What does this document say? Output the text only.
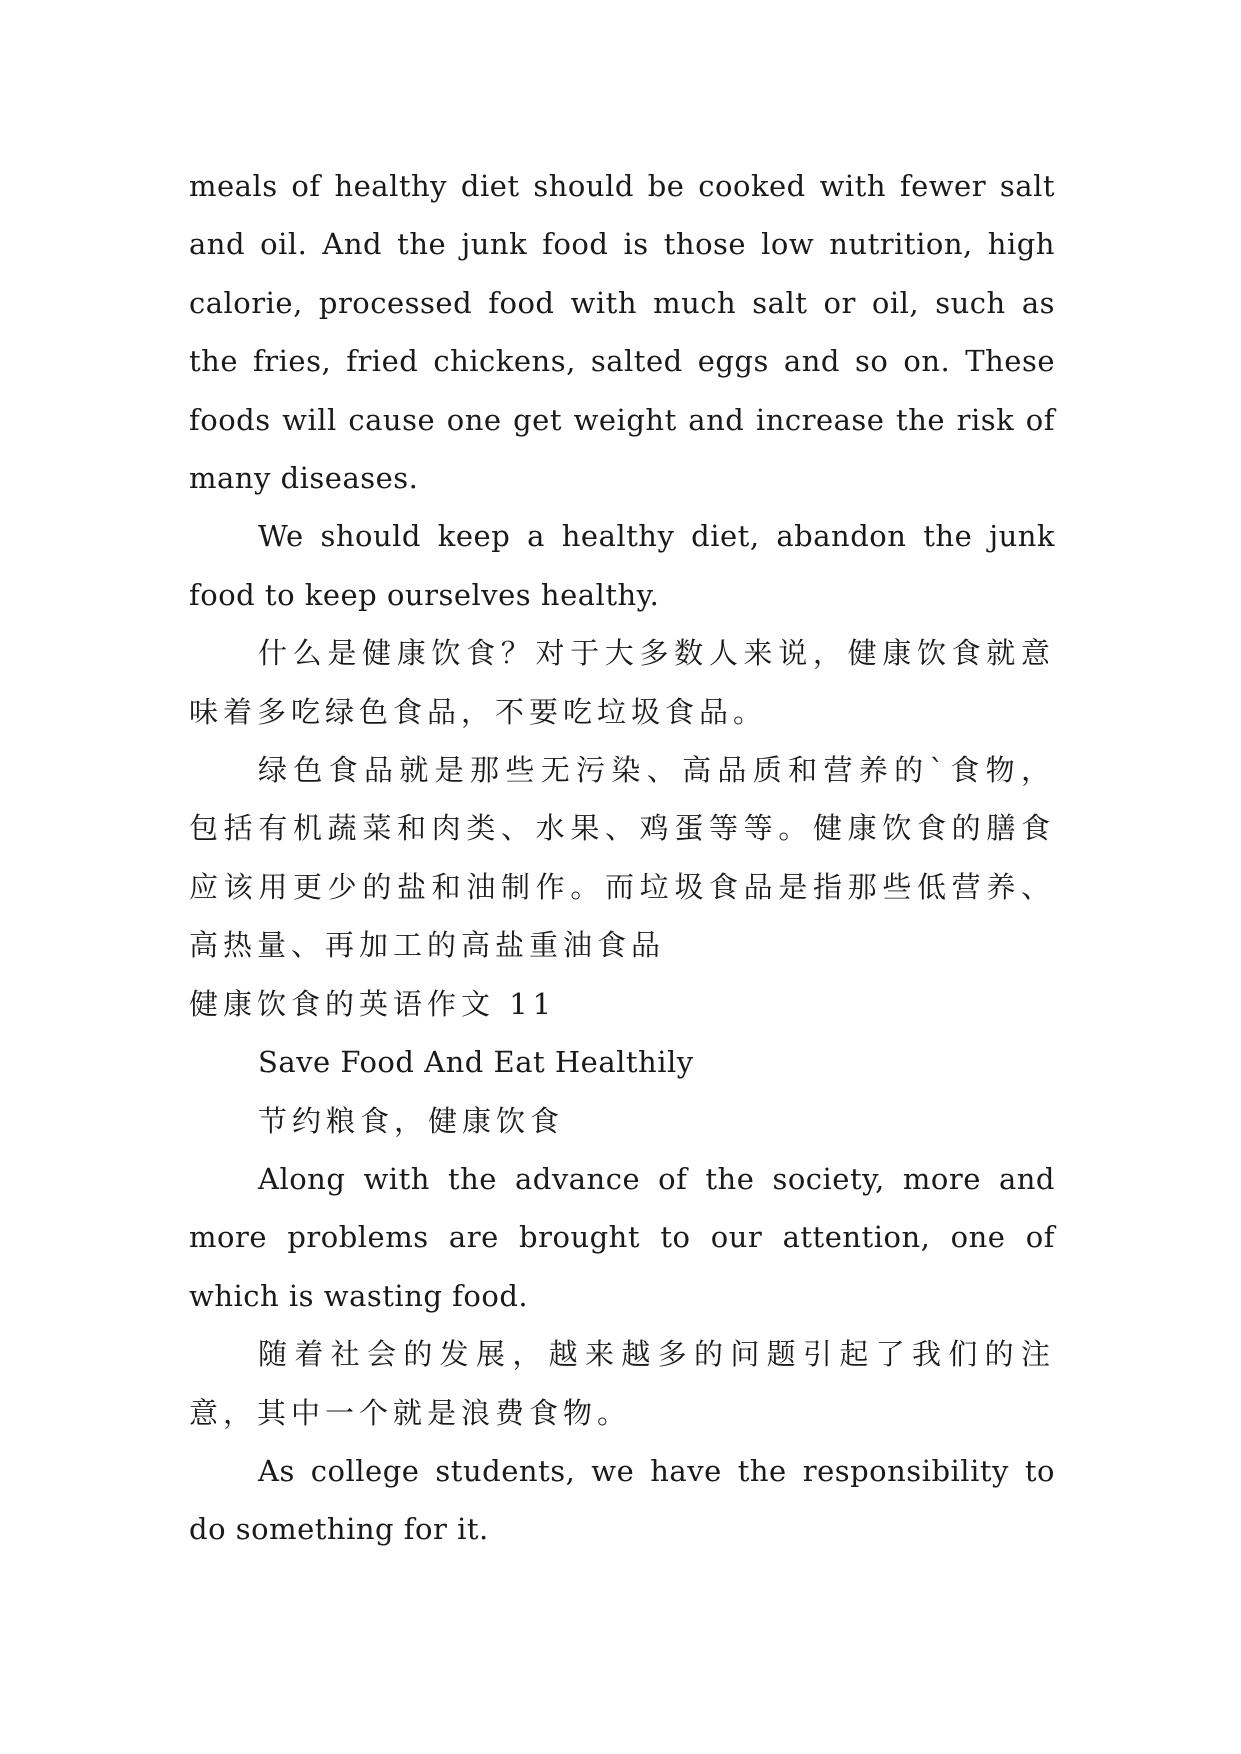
meals of healthy diet should be cooked with fewer salt and oil. And the junk food is those low nutrition, high calorie, processed food with much salt or oil, such as the fries, fried chickens, salted eggs and so on. These foods will cause one get weight and increase the risk of many diseases.

We should keep a healthy diet, abandon the junk food to keep ourselves healthy.

什么是健康饮食？对于大多数人来说，健康饮食就意味着多吃绿色食品，不要吃垃圾食品。

绿色食品就是那些无污染、高品质和营养的`食物，包括有机蔬菜和肉类、水果、鸡蛋等等。健康饮食的膳食应该用更少的盐和油制作。而垃圾食品是指那些低营养、高热量、再加工的高盐重油食品

健康饮食的英语作文 11

Save Food And Eat Healthily

节约粮食，健康饮食

Along with the advance of the society, more and more problems are brought to our attention, one of which is wasting food.

随着社会的发展，越来越多的问题引起了我们的注意，其中一个就是浪费食物。

As college students, we have the responsibility to do something for it.
